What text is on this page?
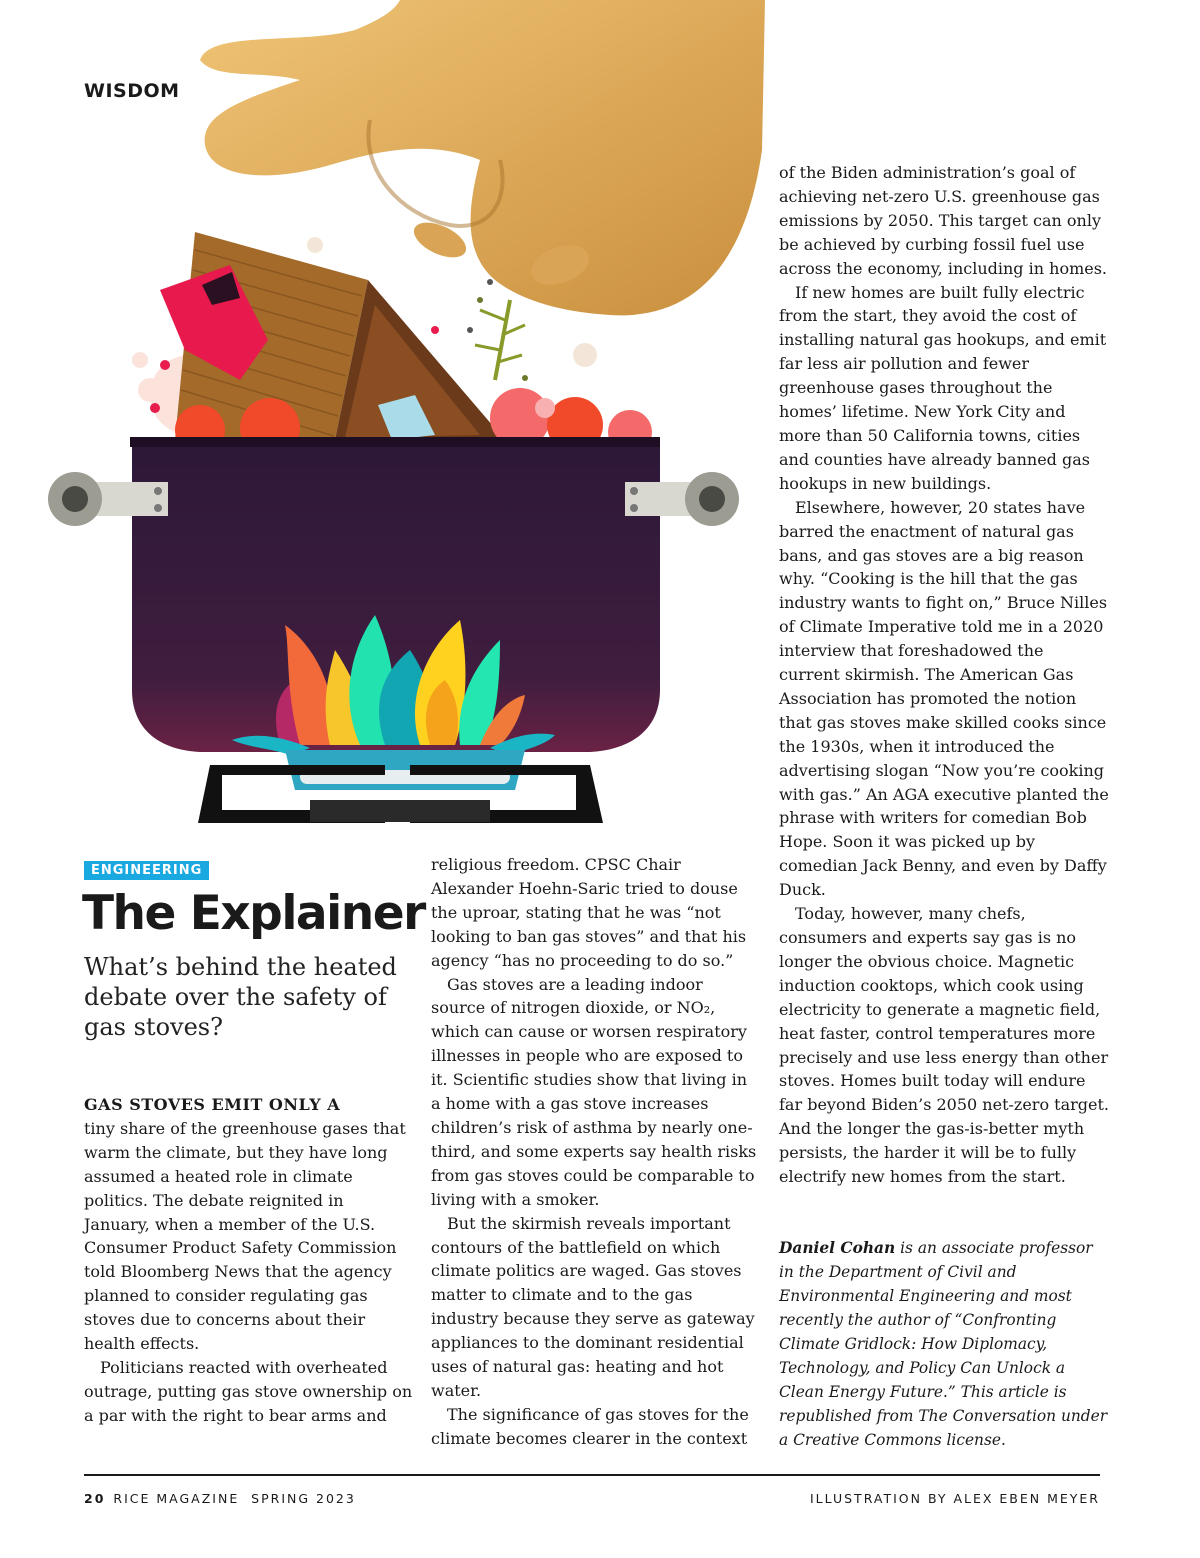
WISDOM
ENGINEERING
The Explainer

What’s behind the heated debate over the safety of gas stoves?

GAS STOVES EMIT ONLY A
tiny share of the greenhouse gases that warm the climate, but they have long assumed a heated role in climate politics. The debate reignited in January, when a member of the U.S. Consumer Product Safety Commission told Bloomberg News that the agency planned to consider regulating gas stoves due to concerns about their health effects.

Politicians reacted with overheated outrage, putting gas stove ownership on a par with the right to bear arms and

religious freedom. CPSC Chair Alexander Hoehn-Saric tried to douse the uproar, stating that he was “not looking to ban gas stoves” and that his agency “has no proceeding to do so.”

Gas stoves are a leading indoor source of nitrogen dioxide, or NO₂, which can cause or worsen respiratory illnesses in people who are exposed to it. Scientific studies show that living in a home with a gas stove increases children’s risk of asthma by nearly one-third, and some experts say health risks from gas stoves could be comparable to living with a smoker.

But the skirmish reveals important contours of the battlefield on which climate politics are waged. Gas stoves matter to climate and to the gas industry because they serve as gateway appliances to the dominant residential uses of natural gas: heating and hot water.

The significance of gas stoves for the climate becomes clearer in the context

of the Biden administration’s goal of achieving net-zero U.S. greenhouse gas emissions by 2050. This target can only be achieved by curbing fossil fuel use across the economy, including in homes.

If new homes are built fully electric from the start, they avoid the cost of installing natural gas hookups, and emit far less air pollution and fewer greenhouse gases throughout the homes’ lifetime. New York City and more than 50 California towns, cities and counties have already banned gas hookups in new buildings.

Elsewhere, however, 20 states have barred the enactment of natural gas bans, and gas stoves are a big reason why. “Cooking is the hill that the gas industry wants to fight on,” Bruce Nilles of Climate Imperative told me in a 2020 interview that foreshadowed the current skirmish. The American Gas Association has promoted the notion that gas stoves make skilled cooks since the 1930s, when it introduced the advertising slogan “Now you’re cooking with gas.” An AGA executive planted the phrase with writers for comedian Bob Hope. Soon it was picked up by comedian Jack Benny, and even by Daffy Duck.

Today, however, many chefs, consumers and experts say gas is no longer the obvious choice. Magnetic induction cooktops, which cook using electricity to generate a magnetic field, heat faster, control temperatures more precisely and use less energy than other stoves. Homes built today will endure far beyond Biden’s 2050 net-zero target. And the longer the gas-is-better myth persists, the harder it will be to fully electrify new homes from the start.

Daniel Cohan is an associate professor in the Department of Civil and Environmental Engineering and most recently the author of “Confronting Climate Gridlock: How Diplomacy, Technology, and Policy Can Unlock a Clean Energy Future.” This article is republished from The Conversation under a Creative Commons license.

20 RICE MAGAZINE  SPRING 2023	ILLUSTRATION BY ALEX EBEN MEYER
